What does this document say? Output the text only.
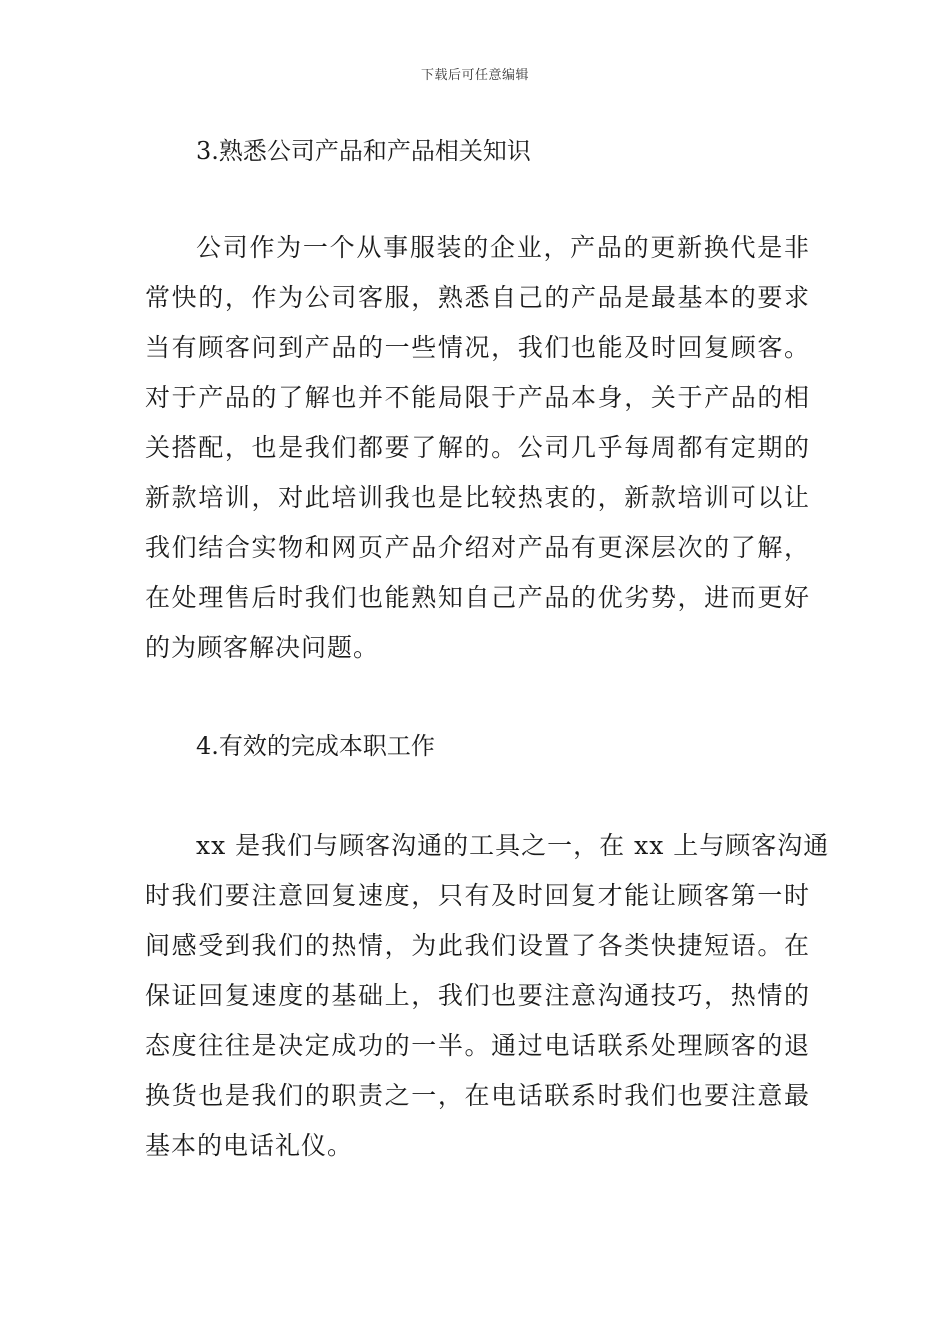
下载后可任意编辑
3.熟悉公司产品和产品相关知识
公司作为一个从事服装的企业，产品的更新换代是非
常快的，作为公司客服，熟悉自己的产品是最基本的要求
当有顾客问到产品的一些情况，我们也能及时回复顾客。
对于产品的了解也并不能局限于产品本身，关于产品的相
关搭配，也是我们都要了解的。公司几乎每周都有定期的
新款培训，对此培训我也是比较热衷的，新款培训可以让
我们结合实物和网页产品介绍对产品有更深层次的了解，
在处理售后时我们也能熟知自己产品的优劣势，进而更好
的为顾客解决问题。
4.有效的完成本职工作
xx 是我们与顾客沟通的工具之一，在 xx 上与顾客沟通
时我们要注意回复速度，只有及时回复才能让顾客第一时
间感受到我们的热情，为此我们设置了各类快捷短语。在
保证回复速度的基础上，我们也要注意沟通技巧，热情的
态度往往是决定成功的一半。通过电话联系处理顾客的退
换货也是我们的职责之一，在电话联系时我们也要注意最
基本的电话礼仪。
